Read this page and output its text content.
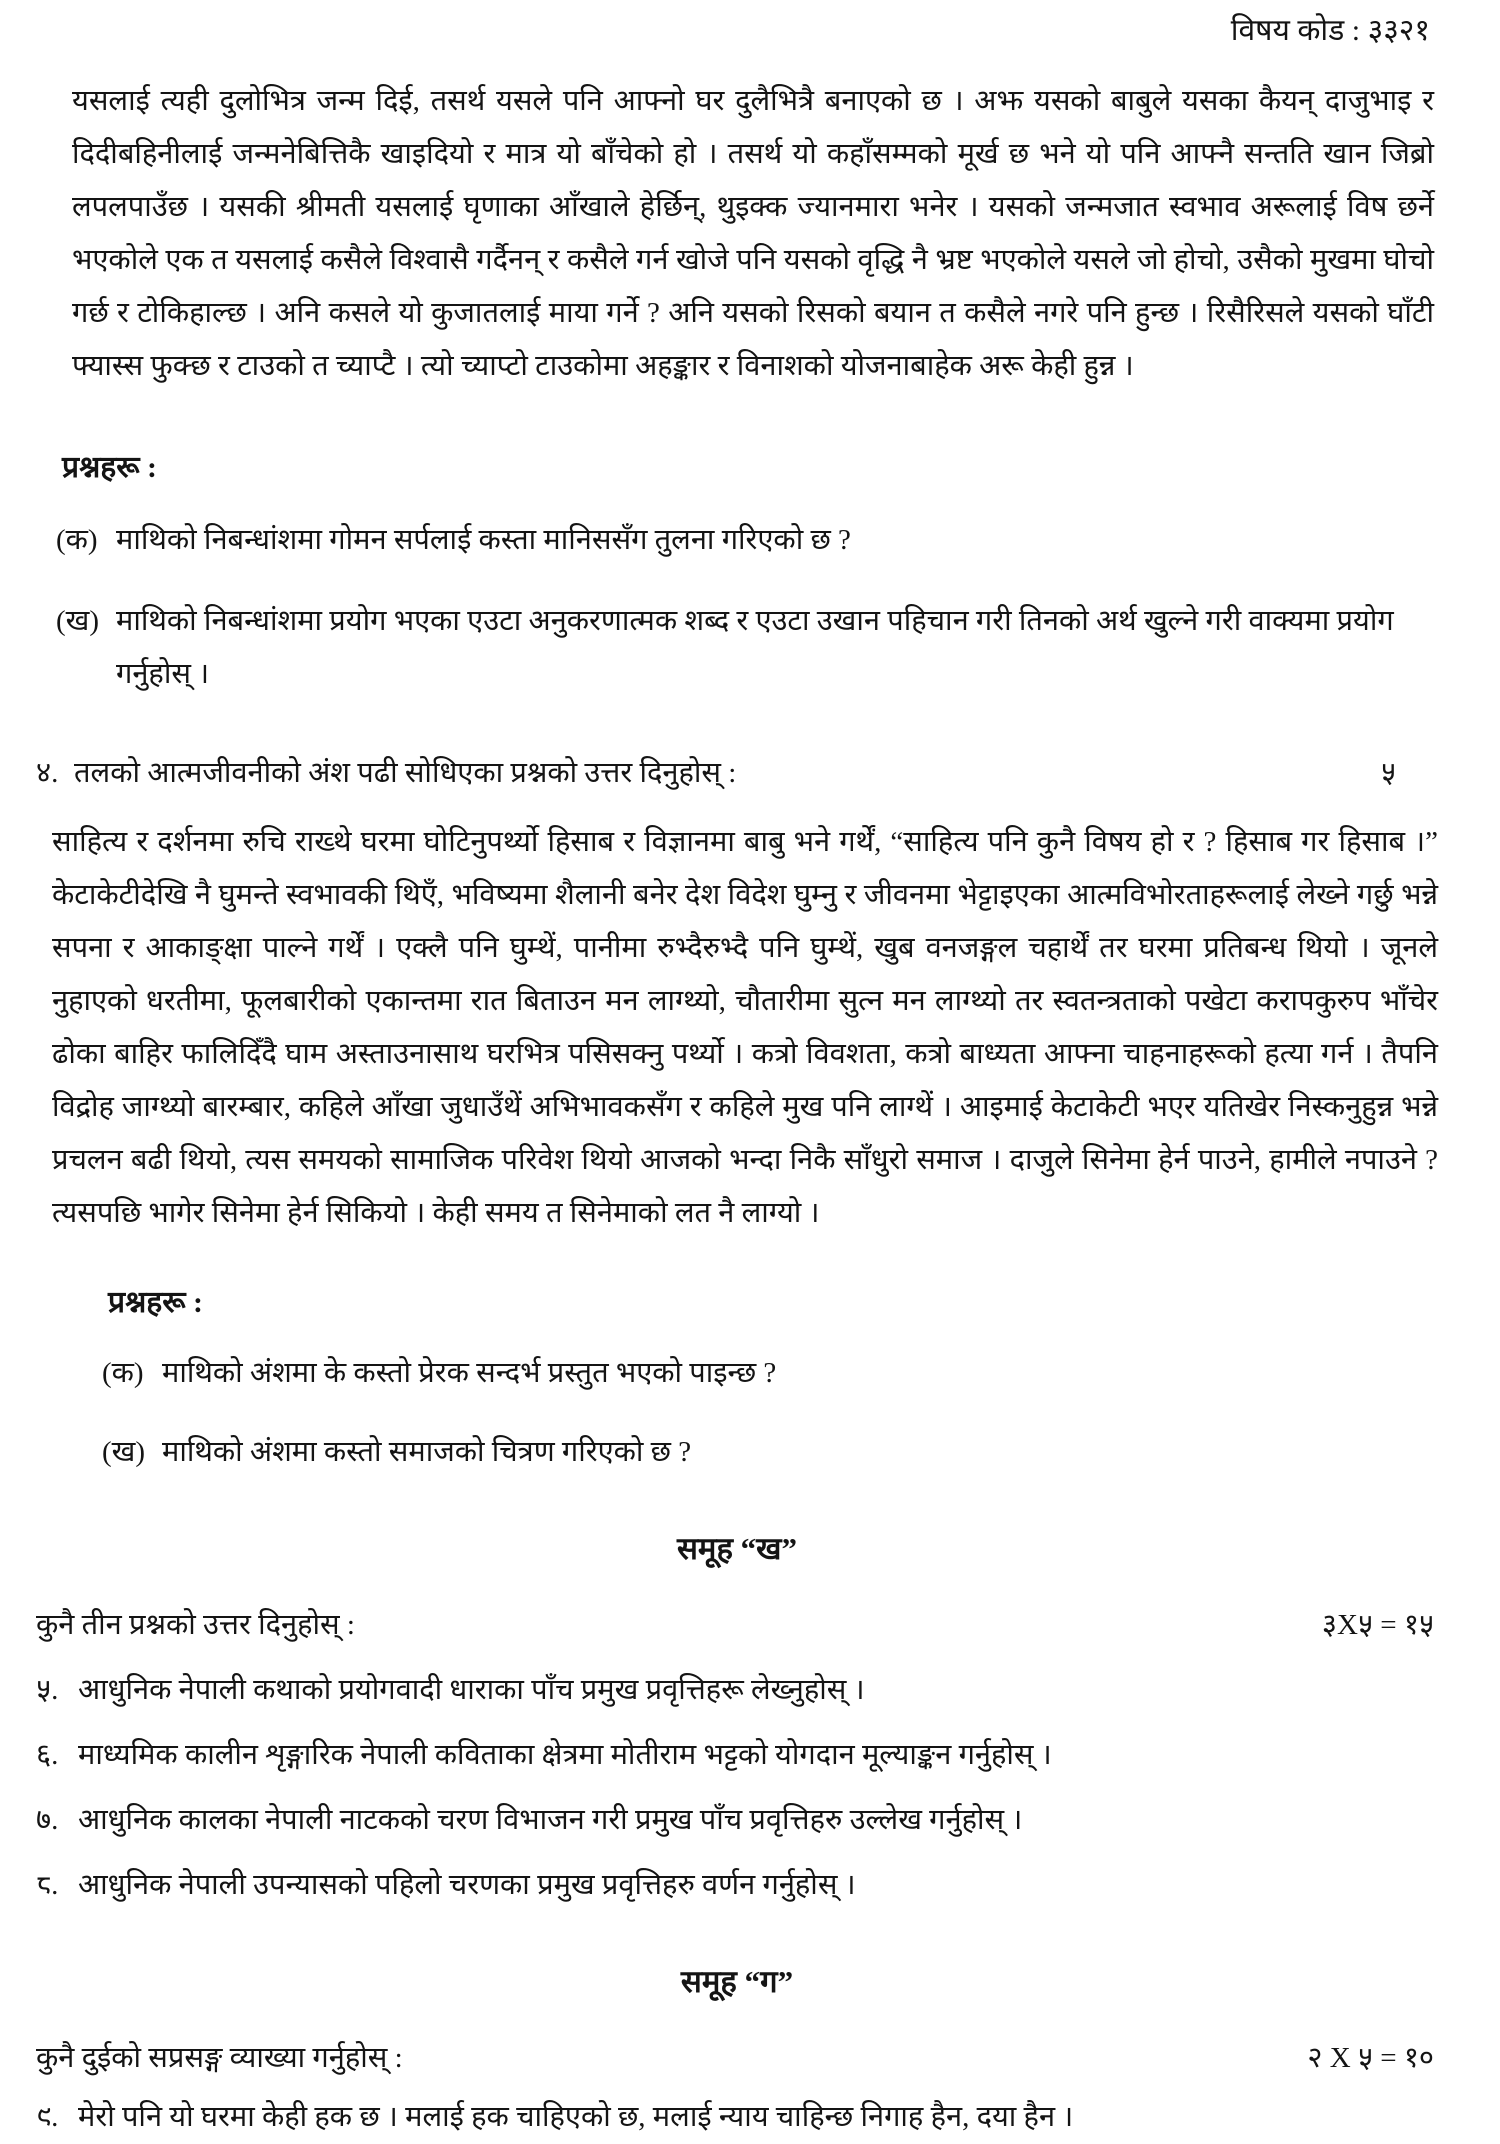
विषय कोड : ३३२१
यसलाई त्यही दुलोभित्र जन्म दिई, तसर्थ यसले पनि आफ्नो घर दुलैभित्रै बनाएको छ । अझ यसको बाबुले यसका कैयन् दाजुभाइ र दिदीबहिनीलाई जन्मनेबित्तिकै खाइदियो र मात्र यो बाँचेको हो । तसर्थ यो कहाँसम्मको मूर्ख छ भने यो पनि आफ्नै सन्तति खान जिब्रो लपलपाउँछ । यसकी श्रीमती यसलाई घृणाका आँखाले हेर्छिन्, थुइक्क ज्यानमारा भनेर । यसको जन्मजात स्वभाव अरूलाई विष छर्ने भएकोले एक त यसलाई कसैले विश्वासै गर्दैनन् र कसैले गर्न खोजे पनि यसको वृद्धि नै भ्रष्ट भएकोले यसले जो होचो, उसैको मुखमा घोचो गर्छ र टोकिहाल्छ । अनि कसले यो कुजातलाई माया गर्ने ? अनि यसको रिसको बयान त कसैले नगरे पनि हुन्छ । रिसैरिसले यसको घाँटी फ्यास्स फुक्छ र टाउको त च्याप्टै । त्यो च्याप्टो टाउकोमा अहङ्कार र विनाशको योजनाबाहेक अरू केही हुन्न ।
प्रश्नहरू :
(क) माथिको निबन्धांशमा गोमन सर्पलाई कस्ता मानिससँग तुलना गरिएको छ ?
(ख) माथिको निबन्धांशमा प्रयोग भएका एउटा अनुकरणात्मक शब्द र एउटा उखान पहिचान गरी तिनको अर्थ खुल्ने गरी वाक्यमा प्रयोग गर्नुहोस् ।
४. तलको आत्मजीवनीको अंश पढी सोधिएका प्रश्नको उत्तर दिनुहोस् :	५
साहित्य र दर्शनमा रुचि राख्थे घरमा घोटिनुपर्थ्यो हिसाब र विज्ञानमा बाबु भने गर्थें, “साहित्य पनि कुनै विषय हो र ? हिसाब गर हिसाब ।” केटाकेटीदेखि नै घुमन्ते स्वभावकी थिएँ, भविष्यमा शैलानी बनेर देश विदेश घुम्नु र जीवनमा भेट्टाइएका आत्मविभोरताहरूलाई लेख्ने गर्छु भन्ने सपना र आकाङ्क्षा पाल्ने गर्थें । एक्लै पनि घुम्थें, पानीमा रुभ्दैरुभ्दै पनि घुम्थें, खुब वनजङ्गल चहार्थें तर घरमा प्रतिबन्ध थियो । जूनले नुहाएको धरतीमा, फूलबारीको एकान्तमा रात बिताउन मन लाग्थ्यो, चौतारीमा सुत्न मन लाग्थ्यो तर स्वतन्त्रताको पखेटा करापकुरुप भाँचेर ढोका बाहिर फालिदिँदै घाम अस्ताउनासाथ घरभित्र पसिसक्नु पर्थ्यो । कत्रो विवशता, कत्रो बाध्यता आफ्ना चाहनाहरूको हत्या गर्न । तैपनि विद्रोह जाग्थ्यो बारम्बार, कहिले आँखा जुधाउँथें अभिभावकसँग र कहिले मुख पनि लाग्थें । आइमाई केटाकेटी भएर यतिखेर निस्कनुहुन्न भन्ने प्रचलन बढी थियो, त्यस समयको सामाजिक परिवेश थियो आजको भन्दा निकै साँधुरो समाज । दाजुले सिनेमा हेर्न पाउने, हामीले नपाउने ? त्यसपछि भागेर सिनेमा हेर्न सिकियो । केही समय त सिनेमाको लत नै लाग्यो ।
प्रश्नहरू :
(क) माथिको अंशमा के कस्तो प्रेरक सन्दर्भ प्रस्तुत भएको पाइन्छ ?
(ख) माथिको अंशमा कस्तो समाजको चित्रण गरिएको छ ?
समूह “ख”
कुनै तीन प्रश्नको उत्तर दिनुहोस् :	३X५ = १५
५. आधुनिक नेपाली कथाको प्रयोगवादी धाराका पाँच प्रमुख प्रवृत्तिहरू लेख्नुहोस् ।
६. माध्यमिक कालीन शृङ्गारिक नेपाली कविताका क्षेत्रमा मोतीराम भट्टको योगदान मूल्याङ्कन गर्नुहोस् ।
७. आधुनिक कालका नेपाली नाटकको चरण विभाजन गरी प्रमुख पाँच प्रवृत्तिहरु उल्लेख गर्नुहोस् ।
८. आधुनिक नेपाली उपन्यासको पहिलो चरणका प्रमुख प्रवृत्तिहरु वर्णन गर्नुहोस् ।
समूह “ग”
कुनै दुईको सप्रसङ्ग व्याख्या गर्नुहोस् :	२ X ५ = १०
९. मेरो पनि यो घरमा केही हक छ । मलाई हक चाहिएको छ, मलाई न्याय चाहिन्छ निगाह हैन, दया हैन ।
